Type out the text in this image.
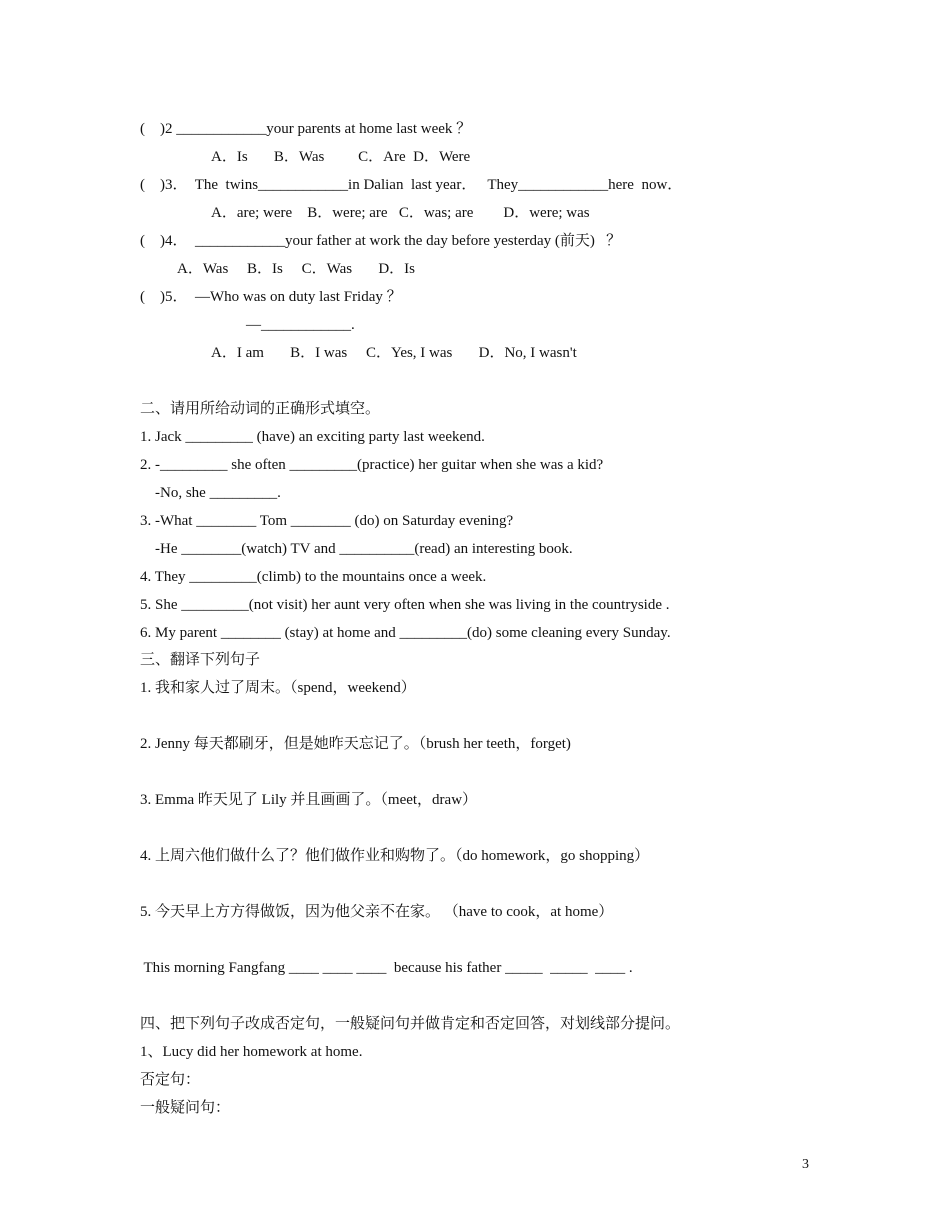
(    )2 ____________your parents at home last week ？
A．Is       B．Was         C．Are  D．Were
(    )3．  The  twins____________in Dalian  last year．   They____________here  now．
A．are; were    B．were; are   C．was; are        D．were; was
(    )4．  ____________your father at work the day before yesterday (前天)   ？
A．Was     B．Is     C．Was       D．Is
(    )5．  —Who was on duty last Friday ？
—____________.
A．I am       B．I was     C．Yes, I was       D．No, I wasn't
二、请用所给动词的正确形式填空。
1. Jack _________ (have) an exciting party last weekend.
2. -_________ she often _________(practice) her guitar when she was a kid?
-No, she _________.
3. -What ________ Tom ________ (do) on Saturday evening?
-He ________(watch) TV and __________(read) an interesting book.
4. They _________(climb) to the mountains once a week.
5. She _________(not visit) her aunt very often when she was living in the countryside .
6. My parent ________ (stay) at home and _________(do) some cleaning every Sunday.
三、翻译下列句子
1. 我和家人过了周末。（spend，weekend）
2. Jenny 每天都刷牙，但是她昨天忘记了。（brush her teeth，forget)
3. Emma 昨天见了 Lily 并且画画了。（meet，draw）
4. 上周六他们做什么了？他们做作业和购物了。（do homework，go shopping）
5. 今天早上方方得做饭，因为他父亲不在家。 （have to cook，at home）
This morning Fangfang ____ ____ ____  because his father _____  _____  ____ .
四、把下列句子改成否定句，一般疑问句并做肯定和否定回答，对划线部分提问。
1、Lucy did her homework at home.
否定句：
一般疑问句：
3
